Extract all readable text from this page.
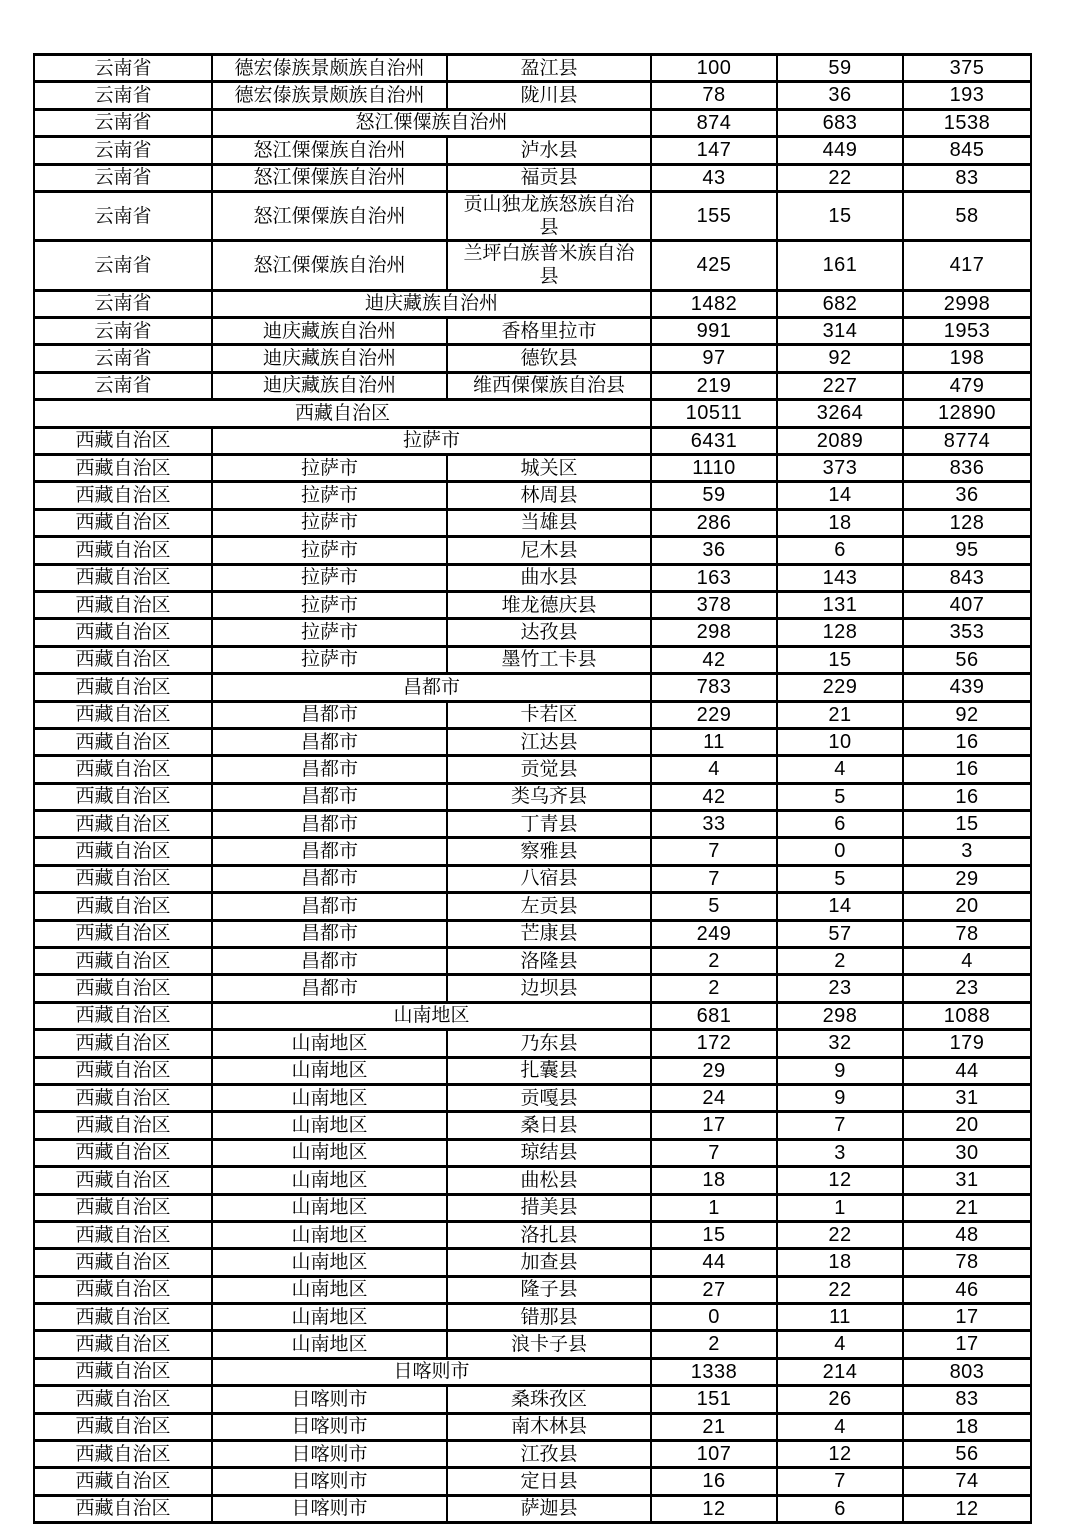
云南省	德宏傣族景颇族自治州	盈江县	100	59	375
云南省	德宏傣族景颇族自治州	陇川县	78	36	193
云南省	怒江傈僳族自治州		874	683	1538
云南省	怒江傈僳族自治州	泸水县	147	449	845
云南省	怒江傈僳族自治州	福贡县	43	22	83
云南省	怒江傈僳族自治州	贡山独龙族怒族自治县	155	15	58
云南省	怒江傈僳族自治州	兰坪白族普米族自治县	425	161	417
云南省	迪庆藏族自治州		1482	682	2998
云南省	迪庆藏族自治州	香格里拉市	991	314	1953
云南省	迪庆藏族自治州	德钦县	97	92	198
云南省	迪庆藏族自治州	维西傈僳族自治县	219	227	479
西藏自治区			10511	3264	12890
西藏自治区	拉萨市		6431	2089	8774
西藏自治区	拉萨市	城关区	1110	373	836
西藏自治区	拉萨市	林周县	59	14	36
西藏自治区	拉萨市	当雄县	286	18	128
西藏自治区	拉萨市	尼木县	36	6	95
西藏自治区	拉萨市	曲水县	163	143	843
西藏自治区	拉萨市	堆龙德庆县	378	131	407
西藏自治区	拉萨市	达孜县	298	128	353
西藏自治区	拉萨市	墨竹工卡县	42	15	56
西藏自治区	昌都市		783	229	439
西藏自治区	昌都市	卡若区	229	21	92
西藏自治区	昌都市	江达县	11	10	16
西藏自治区	昌都市	贡觉县	4	4	16
西藏自治区	昌都市	类乌齐县	42	5	16
西藏自治区	昌都市	丁青县	33	6	15
西藏自治区	昌都市	察雅县	7	0	3
西藏自治区	昌都市	八宿县	7	5	29
西藏自治区	昌都市	左贡县	5	14	20
西藏自治区	昌都市	芒康县	249	57	78
西藏自治区	昌都市	洛隆县	2	2	4
西藏自治区	昌都市	边坝县	2	23	23
西藏自治区	山南地区		681	298	1088
西藏自治区	山南地区	乃东县	172	32	179
西藏自治区	山南地区	扎囊县	29	9	44
西藏自治区	山南地区	贡嘎县	24	9	31
西藏自治区	山南地区	桑日县	17	7	20
西藏自治区	山南地区	琼结县	7	3	30
西藏自治区	山南地区	曲松县	18	12	31
西藏自治区	山南地区	措美县	1	1	21
西藏自治区	山南地区	洛扎县	15	22	48
西藏自治区	山南地区	加查县	44	18	78
西藏自治区	山南地区	隆子县	27	22	46
西藏自治区	山南地区	错那县	0	11	17
西藏自治区	山南地区	浪卡子县	2	4	17
西藏自治区	日喀则市		1338	214	803
西藏自治区	日喀则市	桑珠孜区	151	26	83
西藏自治区	日喀则市	南木林县	21	4	18
西藏自治区	日喀则市	江孜县	107	12	56
西藏自治区	日喀则市	定日县	16	7	74
西藏自治区	日喀则市	萨迦县	12	6	12
